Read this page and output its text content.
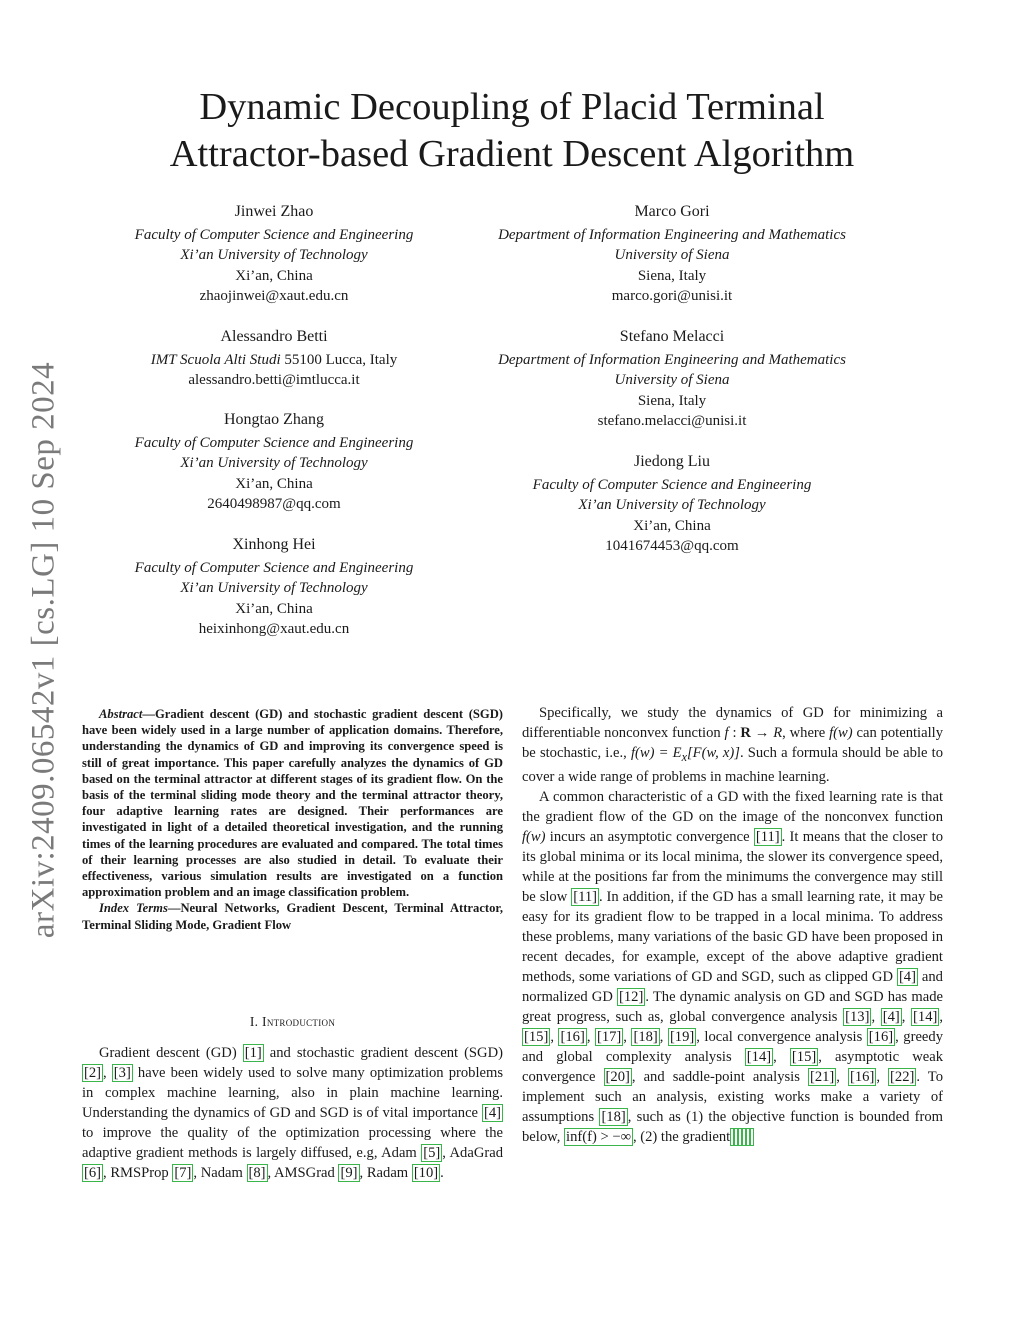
arXiv:2409.06542v1 [cs.LG] 10 Sep 2024
Dynamic Decoupling of Placid Terminal
Attractor-based Gradient Descent Algorithm
Jinwei Zhao
Faculty of Computer Science and Engineering
Xi’an University of Technology
Xi’an, China
zhaojinwei@xaut.edu.cn
Marco Gori
Department of Information Engineering and Mathematics
University of Siena
Siena, Italy
marco.gori@unisi.it
Alessandro Betti
IMT Scuola Alti Studi 55100 Lucca, Italy
alessandro.betti@imtlucca.it
Stefano Melacci
Department of Information Engineering and Mathematics
University of Siena
Siena, Italy
stefano.melacci@unisi.it
Hongtao Zhang
Faculty of Computer Science and Engineering
Xi’an University of Technology
Xi’an, China
2640498987@qq.com
Jiedong Liu
Faculty of Computer Science and Engineering
Xi’an University of Technology
Xi’an, China
1041674453@qq.com
Xinhong Hei
Faculty of Computer Science and Engineering
Xi’an University of Technology
Xi’an, China
heixinhong@xaut.edu.cn

Abstract—Gradient descent (GD) and stochastic gradient descent (SGD) have been widely used in a large number of application domains. Therefore, understanding the dynamics of GD and improving its convergence speed is still of great importance. This paper carefully analyzes the dynamics of GD based on the terminal attractor at different stages of its gradient flow. On the basis of the terminal sliding mode theory and the terminal attractor theory, four adaptive learning rates are designed. Their performances are investigated in light of a detailed theoretical investigation, and the running times of the learning procedures are evaluated and compared. The total times of their learning processes are also studied in detail. To evaluate their effectiveness, various simulation results are investigated on a function approximation problem and an image classification problem.

Index Terms—Neural Networks, Gradient Descent, Terminal Attractor, Terminal Sliding Mode, Gradient Flow

I. Introduction

Gradient descent (GD) [1] and stochastic gradient descent (SGD) [2] , [3] have been widely used to solve many optimization problems in complex machine learning, also in plain machine learning. Understanding the dynamics of GD and SGD is of vital importance [4] to improve the quality of the optimization processing where the adaptive gradient methods is largely diffused, e.g, Adam [5] , AdaGrad [6] , RMSProp [7] , Nadam [8] , AMSGrad [9] , Radam [10] .

Specifically, we study the dynamics of GD for minimizing a differentiable nonconvex function f : R → R, where f(w) can potentially be stochastic, i.e., $f(w) = E_x[F(w$, x)]. Such a formula should be able to cover a wide range of problems in machine learning.

A common characteristic of a GD with the fixed learning rate is that the gradient flow of the GD on the image of the nonconvex function f(w) incurs an asymptotic convergence [11] . It means that the closer to its global minima or its local minima, the slower its convergence speed, while at the positions far from the minimums the convergence may still be slow [11] . In addition, if the GD has a small learning rate, it may be easy for its gradient flow to be trapped in a local minima. To address these problems, many variations of the basic GD have been proposed in recent decades, for example, except of the above adaptive gradient methods, some variations of GD and SGD, such as clipped GD [4] and normalized GD [12] . The dynamic analysis on GD and SGD has made great progress, such as, global convergence analysis [13] , [4] , [14] , [15] , [16] , [17] , [18] , [19] , local convergence analysis [16] , greedy and global complexity analysis [14] , [15] , asymptotic weak convergence [20] , and saddle-point analysis [21] , [16] , [22] . To implement such an analysis, existing works make a variety of assumptions [18] , such as (1) the objective function is bounded from below, inf(f) > −∞ , (2) the gradient
